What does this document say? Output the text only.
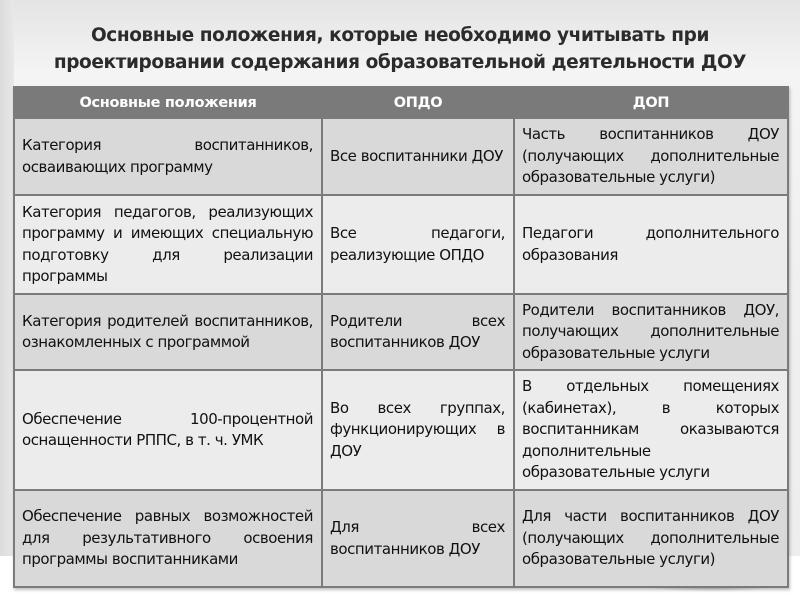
Основные положения, которые необходимо учитывать при
проектировании содержания образовательной деятельности ДОУ
Основные положения	ОПДО	ДОП
Категория воспитанников, осваивающих программу	Все воспитанники ДОУ	Часть воспитанников ДОУ (получающих дополнительные образовательные услуги)
Категория педагогов, реализующих программу и имеющих специальную подготовку для реализации программы	Все педагоги, реализующие ОПДО	Педагоги дополнительного образования
Категория родителей воспитанников, ознакомленных с программой	Родители всех воспитанников ДОУ	Родители воспитанников ДОУ, получающих дополнительные образовательные услуги
Обеспечение 100-процентной оснащенности РППС, в т. ч. УМК	Во всех группах, функционирующих в ДОУ	В отдельных помещениях (кабинетах), в которых воспитанникам оказываются дополнительные образовательные услуги
Обеспечение равных возможностей для результативного освоения программы воспитанниками	Для всех воспитанников ДОУ	Для части воспитанников ДОУ (получающих дополнительные образовательные услуги)
